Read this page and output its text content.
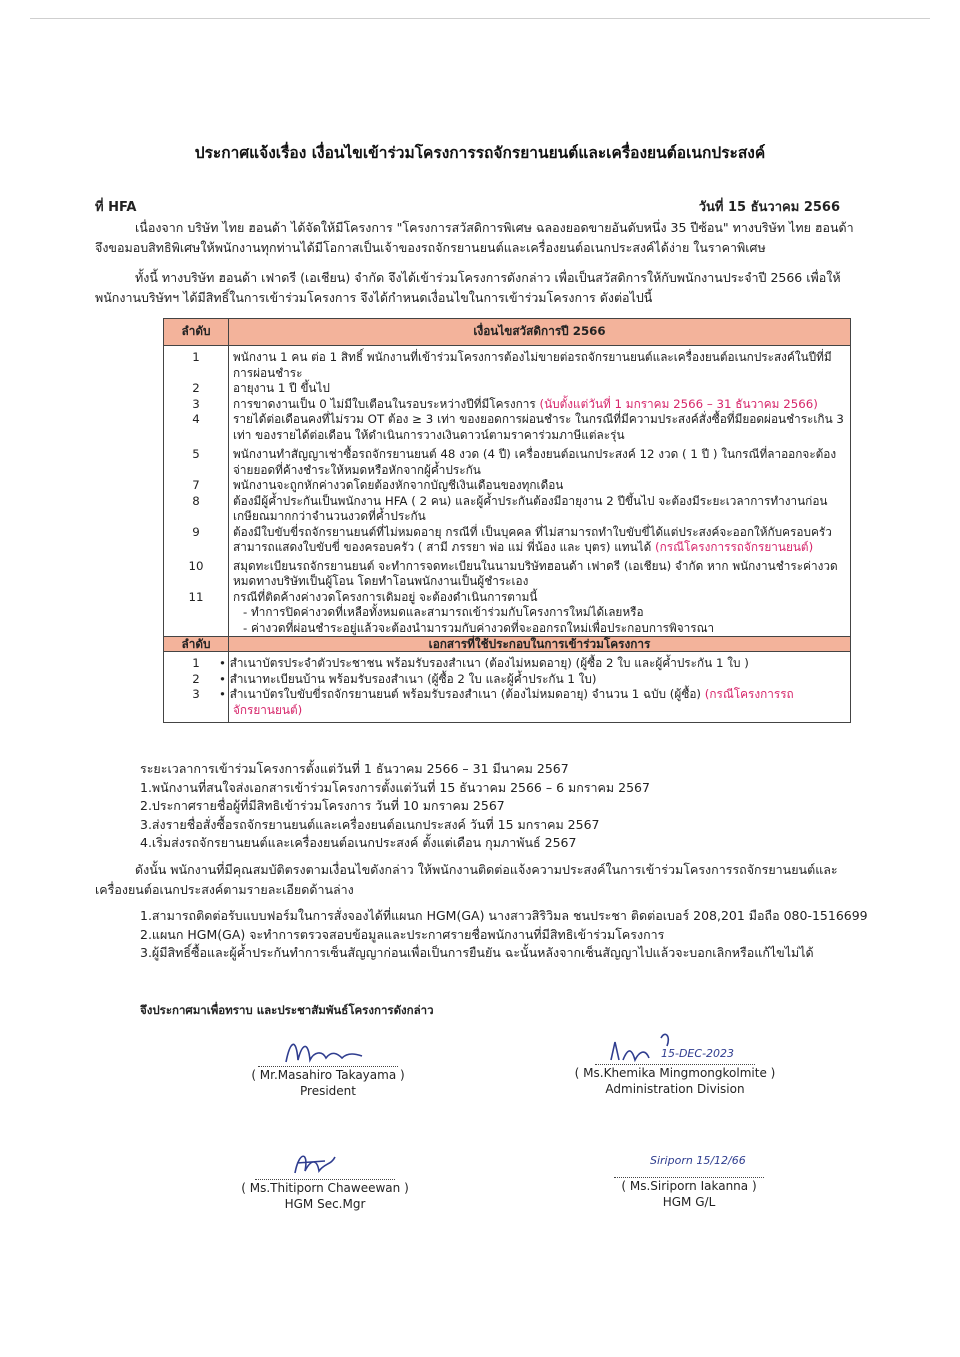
ประกาศแจ้งเรื่อง เงื่อนไขเข้าร่วมโครงการรถจักรยานยนต์และเครื่องยนต์อเนกประสงค์
ที่ HFA	วันที่ 15 ธันวาคม 2566
เนื่องจาก บริษัท ไทย ฮอนด้า ได้จัดให้มีโครงการ "โครงการสวัสดิการพิเศษ ฉลองยอดขายอันดับหนึ่ง 35 ปีซ้อน" ทางบริษัท ไทย ฮอนด้า จึงขอมอบสิทธิพิเศษให้พนักงานทุกท่านได้มีโอกาสเป็นเจ้าของรถจักรยานยนต์และเครื่องยนต์อเนกประสงค์ได้ง่าย ในราคาพิเศษ
ทั้งนี้ ทางบริษัท ฮอนด้า เฟาดรี (เอเชียน) จำกัด จึงได้เข้าร่วมโครงการดังกล่าว เพื่อเป็นสวัสดิการให้กับพนักงานประจำปี 2566 เพื่อให้พนักงานบริษัทฯ ได้มีสิทธิ์ในการเข้าร่วมโครงการ จึงได้กำหนดเงื่อนไขในการเข้าร่วมโครงการ ดังต่อไปนี้
ลำดับ	เงื่อนไขสวัสดิการปี 2566
1	พนักงาน 1 คน ต่อ 1 สิทธิ์ พนักงานที่เข้าร่วมโครงการต้องไม่ขายต่อรถจักรยานยนต์และเครื่องยนต์อเนกประสงค์ในปีที่มีการผ่อนชำระ
2	อายุงาน 1 ปี ขึ้นไป
3	การขาดงานเป็น 0 ไม่มีใบเตือนในรอบระหว่างปีที่มีโครงการ (นับตั้งแต่วันที่ 1 มกราคม 2566 – 31 ธันวาคม 2566)
4	รายได้ต่อเดือนคงที่ไม่รวม OT ต้อง ≥ 3 เท่า ของยอดการผ่อนชำระ ในกรณีที่มีความประสงค์สั่งซื้อที่มียอดผ่อนชำระเกิน 3 เท่า ของรายได้ต่อเดือน ให้ดำเนินการวางเงินดาวน์ตามราคาร่วมภาษีแต่ละรุ่น
5	พนักงานทำสัญญาเช่าซื้อรถจักรยานยนต์ 48 งวด (4 ปี) เครื่องยนต์อเนกประสงค์ 12 งวด ( 1 ปี ) ในกรณีที่ลาออกจะต้องจ่ายยอดที่ค้างชำระให้หมดหรือหักจากผู้ค้ำประกัน
7	พนักงานจะถูกหักค่างวดโดยต้องหักจากบัญชีเงินเดือนของทุกเดือน
8	ต้องมีผู้ค้ำประกันเป็นพนักงาน HFA ( 2 คน) และผู้ค้ำประกันต้องมีอายุงาน 2 ปีขึ้นไป จะต้องมีระยะเวลาการทำงานก่อนเกษียณมากกว่าจำนวนงวดที่ค้ำประกัน
9	ต้องมีใบขับขี่รถจักรยานยนต์ที่ไม่หมดอายุ กรณีที่ เป็นบุคคล ที่ไม่สามารถทำใบขับขี่ได้แต่ประสงค์จะออกให้กับครอบครัว สามารถแสดงใบขับขี่ ของครอบครัว ( สามี ภรรยา พ่อ แม่ พี่น้อง และ บุตร) แทนได้ (กรณีโครงการรถจักรยานยนต์)
10	สมุดทะเบียนรถจักรยานยนต์ จะทำการจดทะเบียนในนามบริษัทฮอนด้า เฟาดรี (เอเชียน) จำกัด หาก พนักงานชำระค่างวดหมดทางบริษัทเป็นผู้โอน โดยทำโอนพนักงานเป็นผู้ชำระเอง
11	กรณีที่ติดค้างค่างวดโครงการเดิมอยู่ จะต้องดำเนินการตามนี้
- ทำการปิดค่างวดที่เหลือทั้งหมดและสามารถเข้าร่วมกับโครงการใหม่ได้เลยหรือ
- ค่างวดที่ผ่อนชำระอยู่แล้วจะต้องนำมารวมกับค่างวดที่จะออกรถใหม่เพื่อประกอบการพิจารณา

ลำดับ	เอกสารที่ใช้ประกอบในการเข้าร่วมโครงการ
1	• สำเนาบัตรประจำตัวประชาชน พร้อมรับรองสำเนา (ต้องไม่หมดอายุ) (ผู้ซื้อ 2 ใบ และผู้ค้ำประกัน 1 ใบ )
2	• สำเนาทะเบียนบ้าน พร้อมรับรองสำเนา (ผู้ซื้อ 2 ใบ และผู้ค้ำประกัน 1 ใบ)
3	• สำเนาบัตรใบขับขี่รถจักรยานยนต์ พร้อมรับรองสำเนา (ต้องไม่หมดอายุ) จำนวน 1 ฉบับ (ผู้ซื้อ) (กรณีโครงการรถจักรยานยนต์)
ระยะเวลาการเข้าร่วมโครงการตั้งแต่วันที่ 1 ธันวาคม 2566 – 31 มีนาคม 2567
1.พนักงานที่สนใจส่งเอกสารเข้าร่วมโครงการตั้งแต่วันที่ 15 ธันวาคม 2566 – 6 มกราคม 2567
2.ประกาศรายชื่อผู้ที่มีสิทธิเข้าร่วมโครงการ วันที่ 10 มกราคม 2567
3.ส่งรายชื่อสั่งซื้อรถจักรยานยนต์และเครื่องยนต์อเนกประสงค์ วันที่ 15 มกราคม 2567
4.เริ่มส่งรถจักรยานยนต์และเครื่องยนต์อเนกประสงค์ ตั้งแต่เดือน กุมภาพันธ์ 2567
ดังนั้น พนักงานที่มีคุณสมบัติตรงตามเงื่อนไขดังกล่าว ให้พนักงานติดต่อแจ้งความประสงค์ในการเข้าร่วมโครงการรถจักรยานยนต์และเครื่องยนต์อเนกประสงค์ตามรายละเอียดด้านล่าง
1.สามารถติดต่อรับแบบฟอร์มในการสั่งจองได้ที่แผนก HGM(GA) นางสาวสิริวิมล ชนประชา ติดต่อเบอร์ 208,201 มือถือ 080-1516699
2.แผนก HGM(GA) จะทำการตรวจสอบข้อมูลและประกาศรายชื่อพนักงานที่มีสิทธิเข้าร่วมโครงการ
3.ผู้มีสิทธิ์ซื้อและผู้ค้ำประกันทำการเซ็นสัญญาก่อนเพื่อเป็นการยืนยัน ฉะนั้นหลังจากเซ็นสัญญาไปแล้วจะบอกเลิกหรือแก้ไขไม่ได้
จึงประกาศมาเพื่อทราบ และประชาสัมพันธ์โครงการดังกล่าว
( Mr.Masahiro Takayama )
President
15-DEC-2023
( Ms.Khemika Mingmongkolmite )
Administration Division
( Ms.Thitiporn Chaweewan )
HGM Sec.Mgr
Siriporn 15/12/66
( Ms.Siriporn Iakanna )
HGM G/L
